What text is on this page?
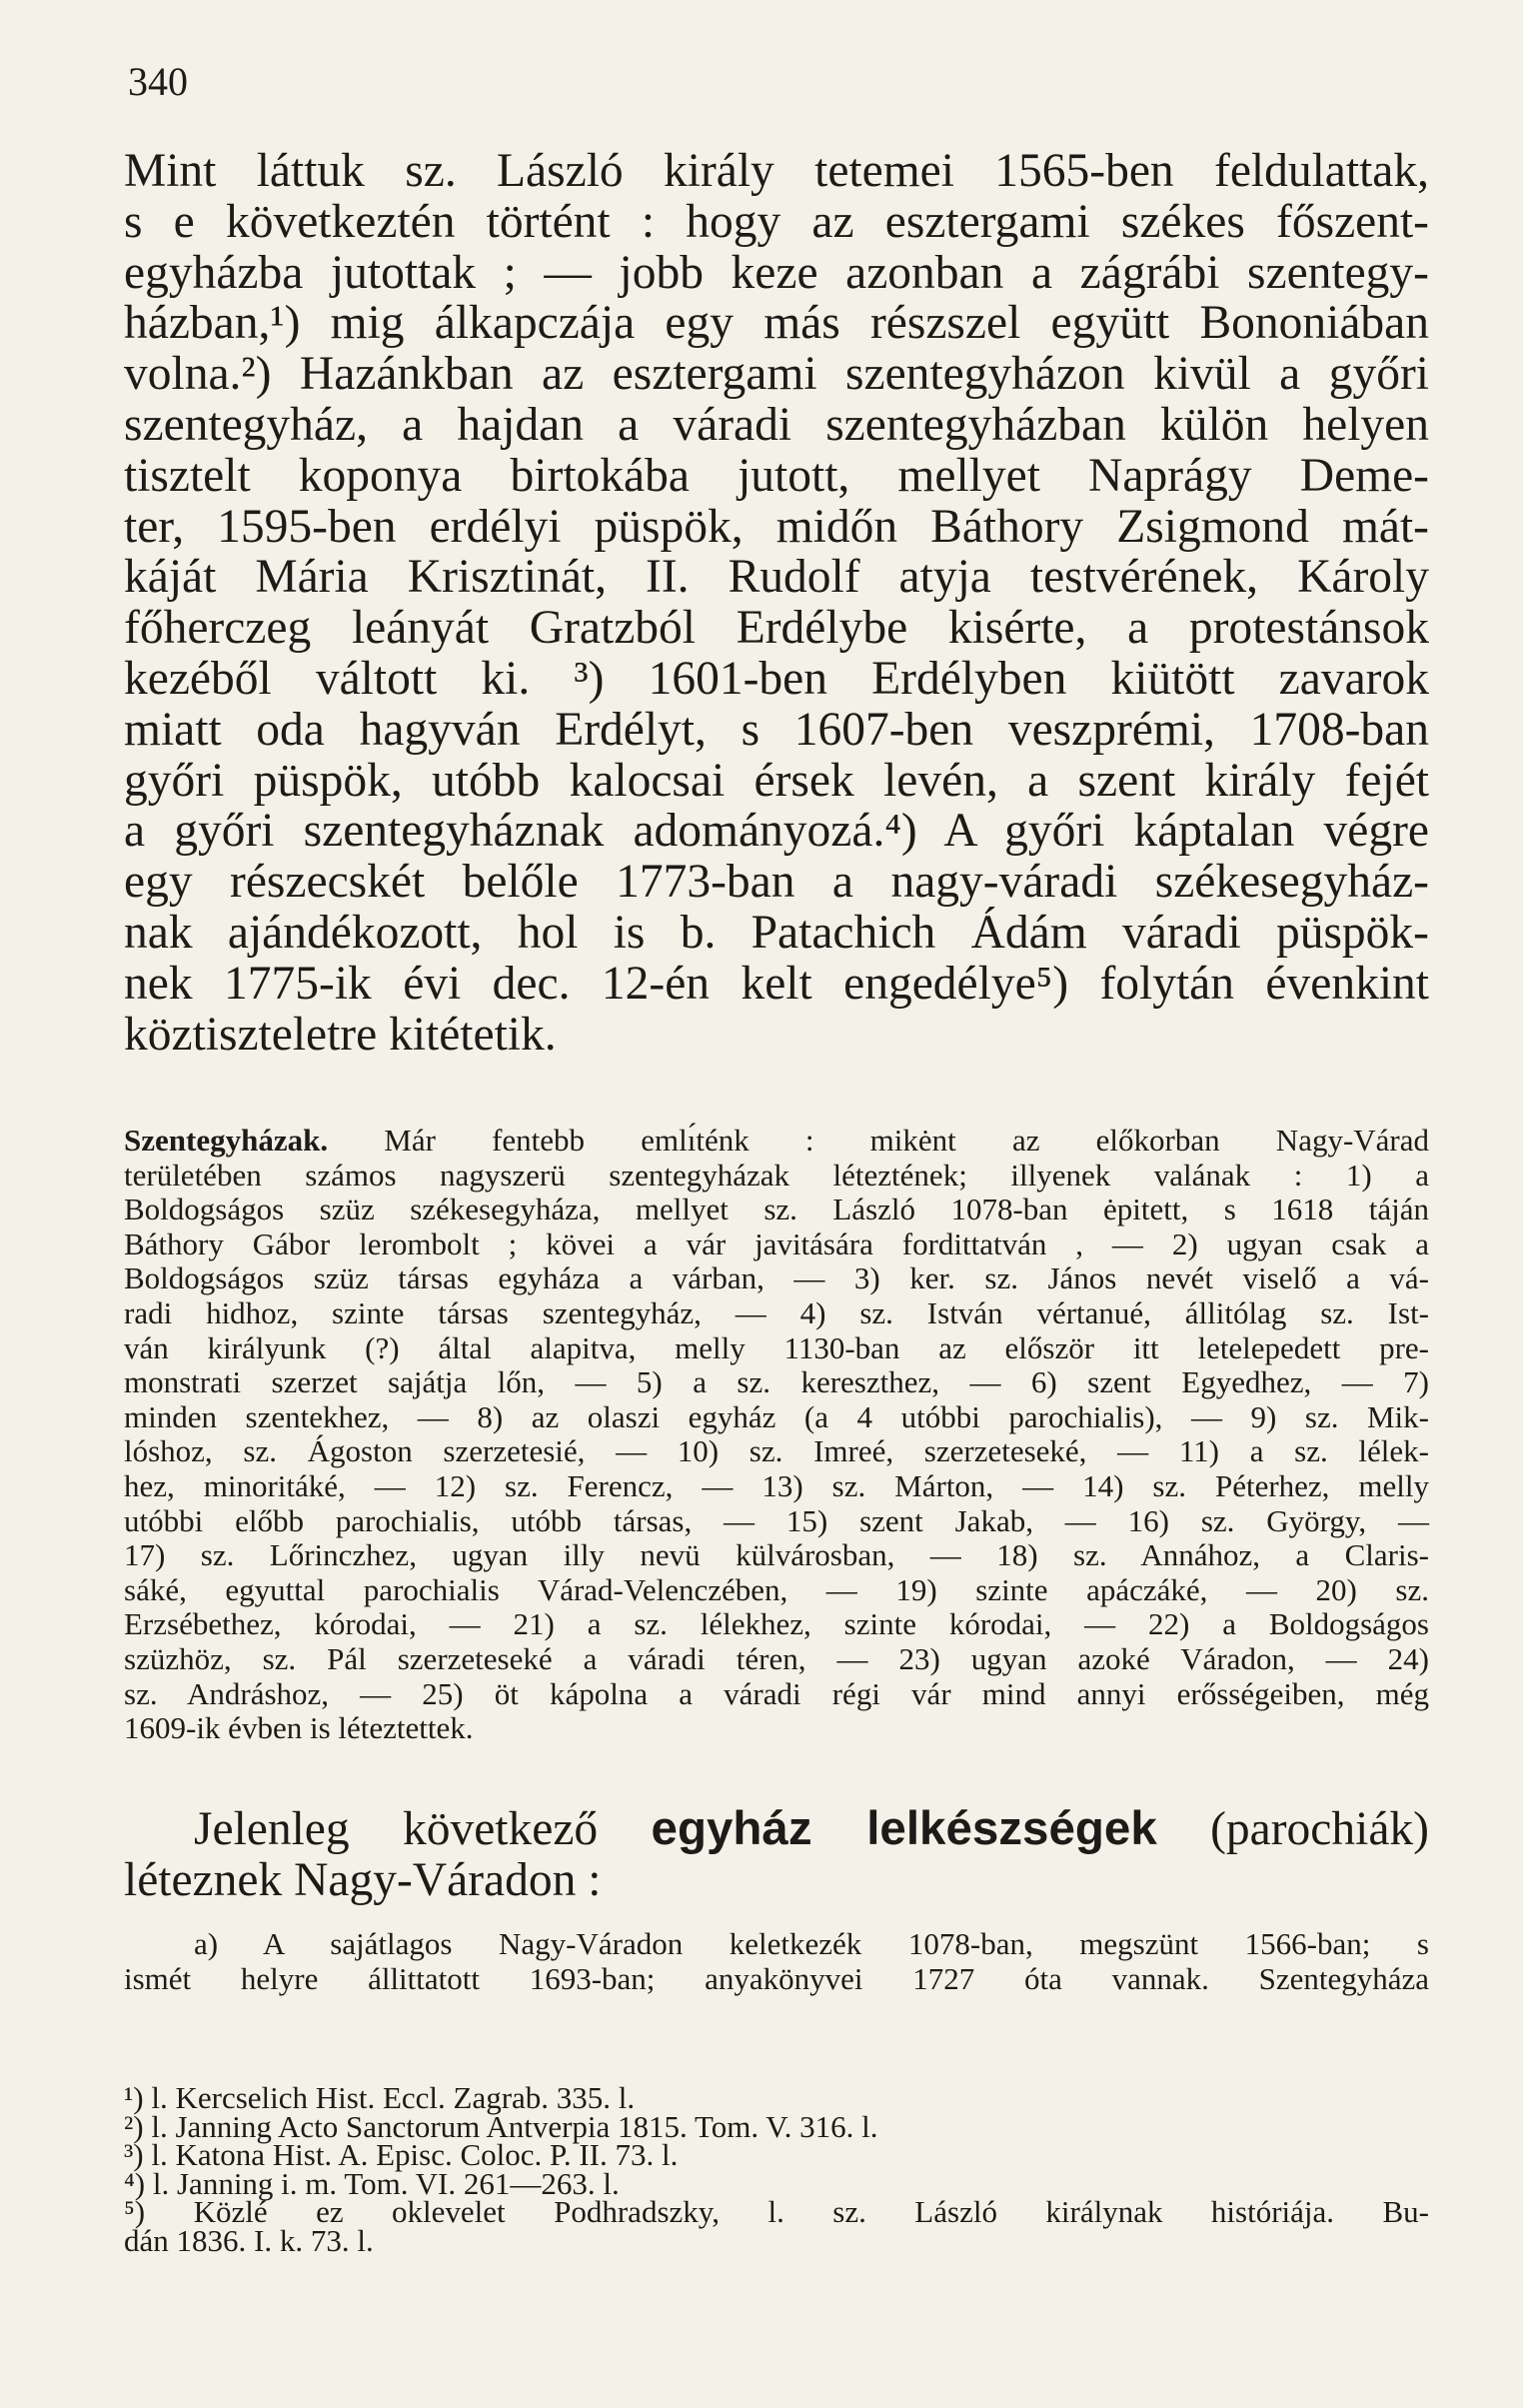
340
Mint láttuk sz. László király tetemei 1565-ben feldulattak,
s e következtén történt : hogy az esztergami székes főszent-
egyházba jutottak ; — jobb keze azonban a zágrábi szentegy-
házban,¹) mig álkapczája egy más részszel együtt Bononiában
volna.²) Hazánkban az esztergami szentegyházon kivül a győri
szentegyház, a hajdan a váradi szentegyházban külön helyen
tisztelt koponya birtokába jutott, mellyet Naprágy Deme-
ter, 1595-ben erdélyi püspök, midőn Báthory Zsigmond mát-
káját Mária Krisztinát, II. Rudolf atyja testvérének, Károly
főherczeg leányát Gratzból Erdélybe kisérte, a protestánsok
kezéből váltott ki. ³) 1601-ben Erdélyben kiütött zavarok
miatt oda hagyván Erdélyt, s 1607-ben veszprémi, 1708-ban
győri püspök, utóbb kalocsai érsek levén, a szent király fejét
a győri szentegyháznak adományozá.⁴) A győri káptalan végre
egy részecskét belőle 1773-ban a nagy-váradi székesegyház-
nak ajándékozott, hol is b. Patachich Ádám váradi püspök-
nek 1775-ik évi dec. 12-én kelt engedélye⁵) folytán évenkint
köztiszteletre kitétetik.
Szentegyházak. Már fentebb emlı́ténk : mikėnt az előkorban Nagy-Várad
területében számos nagyszerü szentegyházak léteztének; illyenek valának : 1) a
Boldogságos szüz székesegyháza, mellyet sz. László 1078-ban ėpitett, s 1618 táján
Báthory Gábor lerombolt ; kövei a vár javitására fordittatván , — 2) ugyan csak a
Boldogságos szüz társas egyháza a várban, — 3) ker. sz. János nevét viselő a vá-
radi hidhoz, szinte társas szentegyház, — 4) sz. István vértanué, állitólag sz. Ist-
ván királyunk (?) által alapitva, melly 1130-ban az először itt letelepedett pre-
monstrati szerzet sajátja lőn, — 5) a sz. kereszthez, — 6) szent Egyedhez, — 7)
minden szentekhez, — 8) az olaszi egyház (a 4 utóbbi parochialis), — 9) sz. Mik-
lóshoz, sz. Ágoston szerzetesié, — 10) sz. Imreé, szerzeteseké, — 11) a sz. lélek-
hez, minoritáké, — 12) sz. Ferencz, — 13) sz. Márton, — 14) sz. Péterhez, melly
utóbbi előbb parochialis, utóbb társas, — 15) szent Jakab, — 16) sz. György, —
17) sz. Lőrinczhez, ugyan illy nevü külvárosban, — 18) sz. Annához, a Claris-
sáké, egyuttal parochialis Várad-Velenczében, — 19) szinte apáczáké, — 20) sz.
Erzsébethez, kórodai, — 21) a sz. lélekhez, szinte kórodai, — 22) a Boldogságos
szüzhöz, sz. Pál szerzeteseké a váradi téren, — 23) ugyan azoké Váradon, — 24)
sz. Andráshoz, — 25) öt kápolna a váradi régi vár mind annyi erősségeiben, még
1609-ik évben is léteztettek.
Jelenleg következő egyház lelkészségek (parochiák)
léteznek Nagy-Váradon :
a) A sajátlagos Nagy-Váradon keletkezék 1078-ban, megszünt 1566-ban; s
ismét helyre állittatott 1693-ban; anyakönyvei 1727 óta vannak. Szentegyháza
¹) l. Kercselich Hist. Eccl. Zagrab. 335. l.
²) l. Janning Acto Sanctorum Antverpia 1815. Tom. V. 316. l.
³) l. Katona Hist. A. Episc. Coloc. P. II. 73. l.
⁴) l. Janning i. m. Tom. VI. 261—263. l.
⁵) Közlé ez oklevelet Podhradszky, l. sz. László királynak históriája. Bu-
dán 1836. I. k. 73. l.
